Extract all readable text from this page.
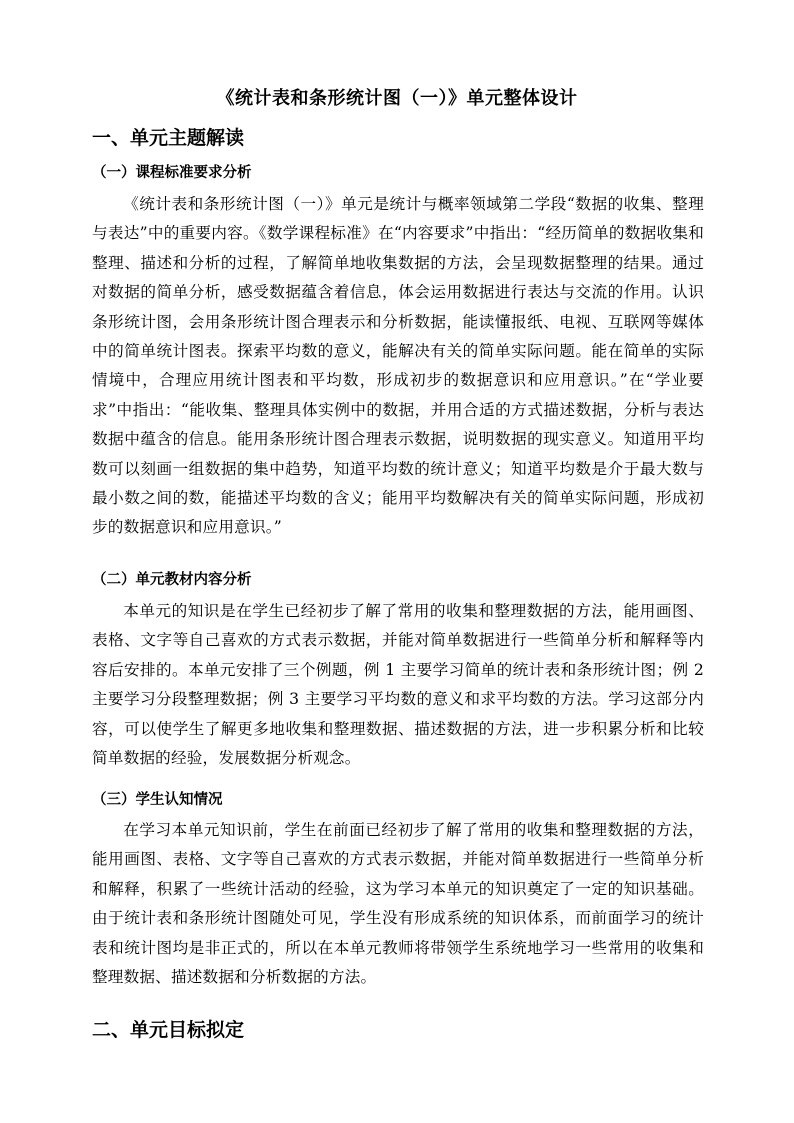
《统计表和条形统计图（一）》单元整体设计
一、单元主题解读
（一）课程标准要求分析

《统计表和条形统计图（一）》单元是统计与概率领域第二学段“数据的收集、整理与表达”中的重要内容。《数学课程标准》在“内容要求”中指出：“经历简单的数据收集和整理、描述和分析的过程，了解简单地收集数据的方法，会呈现数据整理的结果。通过对数据的简单分析，感受数据蕴含着信息，体会运用数据进行表达与交流的作用。认识条形统计图，会用条形统计图合理表示和分析数据，能读懂报纸、电视、互联网等媒体中的简单统计图表。探索平均数的意义，能解决有关的简单实际问题。能在简单的实际情境中，合理应用统计图表和平均数，形成初步的数据意识和应用意识。”在“学业要求”中指出：“能收集、整理具体实例中的数据，并用合适的方式描述数据，分析与表达数据中蕴含的信息。能用条形统计图合理表示数据，说明数据的现实意义。知道用平均数可以刻画一组数据的集中趋势，知道平均数的统计意义；知道平均数是介于最大数与最小数之间的数，能描述平均数的含义；能用平均数解决有关的简单实际问题，形成初步的数据意识和应用意识。”

（二）单元教材内容分析

本单元的知识是在学生已经初步了解了常用的收集和整理数据的方法，能用画图、表格、文字等自己喜欢的方式表示数据，并能对简单数据进行一些简单分析和解释等内容后安排的。本单元安排了三个例题，例 1 主要学习简单的统计表和条形统计图；例 2 主要学习分段整理数据；例 3 主要学习平均数的意义和求平均数的方法。学习这部分内容，可以使学生了解更多地收集和整理数据、描述数据的方法，进一步积累分析和比较简单数据的经验，发展数据分析观念。

（三）学生认知情况

在学习本单元知识前，学生在前面已经初步了解了常用的收集和整理数据的方法，能用画图、表格、文字等自己喜欢的方式表示数据，并能对简单数据进行一些简单分析和解释，积累了一些统计活动的经验，这为学习本单元的知识奠定了一定的知识基础。由于统计表和条形统计图随处可见，学生没有形成系统的知识体系，而前面学习的统计表和统计图均是非正式的，所以在本单元教师将带领学生系统地学习一些常用的收集和整理数据、描述数据和分析数据的方法。

二、单元目标拟定
